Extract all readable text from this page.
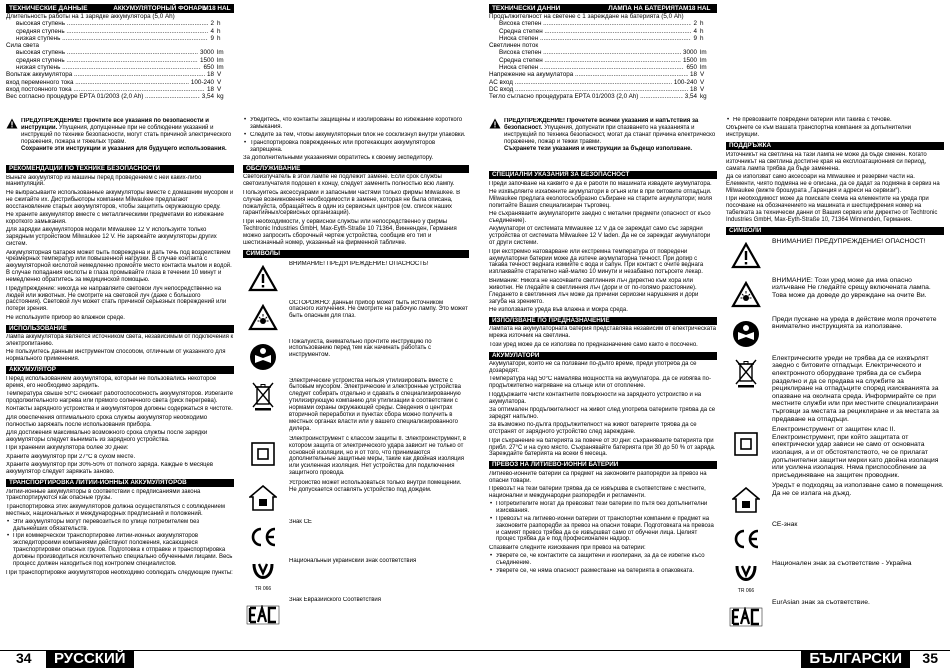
ТЕХНИЧЕСКИЕ ДАННЫЕ	АККУМУЛЯТОРНЫЙ ФОНАРЬ
M18 HAL
Длительность работы на 1 зарядке аккумулятора (5,0 Ah)
высокая ступень .....	2 h
средняя ступень .....	4 h
низкая ступень .....	9 h
Сила света
высокая ступень .....	3000 lm
средняя ступень .....	1500 lm
низкая ступень .....	650 lm
Вольтаж аккумулятора .....	18 V
вход переменного тока .....	100-240 V
вход постоянного тока .....	18 V
Вес согласно процедуре EPTA 01/2003 (2,0 Ah) .....	3,54 kg
ПРЕДУПРЕЖДЕНИЕ! Прочтите все указания по безопасности и инструкции. Упущения, допущенные при не соблюдении указаний и инструкций по технике безопасности, могут стать причиной электрического поражения, пожара и тяжелых травм.
Сохраните эти инструкции и указания для будущего использования.
РЕКОМЕНДАЦИИ ПО ТЕХНИКЕ БЕЗОПАСНОСТИ
Выньте аккумулятор из машины перед проведением с ней каких-либо манипуляций.
Не выбрасывайте использованные аккумуляторы вместе с домашним мусором и не сжигайте их. Дистрибьюторы компании Milwaukee предлагают восстановление старых аккумуляторов, чтобы защитить окружающую среду.
Не храните аккумулятор вместе с металлическими предметами во избежание короткого замыкания.
Для зарядки аккумуляторов модели Milwaukee 12 V используйте только зарядным устройством Milwaukee 12 V. Не заряжайте аккумуляторы других систем.
Аккумуляторная батарея может быть повреждена и дать течь под воздействием чрезмерных температур или повышенной нагрузки. В случае контакта с аккумуляторной кислотой немедленно промойте место контакта мылом и водой. В случае попадания кислоты в глаза промывайте глаза в течении 10 минут и немедленно обратитесь за медицинской помощью.
Предупреждение: никогда не направляйте световой луч непосредственно на людей или животных. Не смотрите на световой луч (даже с большого расстояния). Световой луч может стать причиной серьезных повреждений или потери зрения.
Не используйте прибор во влажной среде.
ИСПОЛЬЗОВАНИЕ
Лампа аккумулятора является источником света, независимым от подключения к электропитанию.
Не пользуйтесь данным инструментом способом, отличным от указанного для нормального применения.
АККУМУЛЯТОР
Перед использованием аккумулятора, который не пользовались некоторое время, его необходимо зарядить.
Температура свыше 50°C снижает работоспособность аккумуляторов. Избегайте продолжительного нагрева или прямого солнечного света (риск перегрева).
Контакты зарядного устройства и аккумуляторов должны содержаться в чистоте.
Для обеспечения оптимального срока службы аккумулятор необходимо полностью заряжать после использования прибора.
Для достижения максимально возможного срока службы после зарядки аккумуляторы следует вынимать из зарядного устройства.
При хранении аккумулятора более 30 дней:
Храните аккумулятор при 27°C в сухом месте.
Храните аккумулятор при 30%-50% от полного заряда. Каждые 6 месяцев аккумулятор следует заряжать заново.
ТРАНСПОРТИРОВКА ЛИТИЙ-ИОННЫХ АККУМУЛЯТОРОВ
Литий-ионные аккумуляторы в соответствии с предписаниями закона транспортируются как опасные грузы.
Транспортировка этих аккумуляторов должна осуществляться с соблюдением местных, национальных и международных предписаний и положений.
• Эти аккумуляторы могут перевозиться по улице потребителем без дальнейших обязательств.
• При коммерческой транспортировке литий-ионных аккумуляторов экспедиторскими компаниями действуют положения, касающиеся транспортировки опасных грузов. Подготовка к отправке и транспортировка должны производиться исключительно специально обученными лицами. Весь процесс должен находиться под контролем специалистов.
При транспортировке аккумуляторов необходимо соблюдать следующие пункты:
• Убедитесь, что контакты защищены и изолированы во избежание короткого замыкания.
• Следите за тем, чтобы аккумуляторный блок не сосклизнул внутри упаковки.
• Транспортировка поврежденных или протекающих аккумуляторов запрещена.
За дополнительными указаниями обратитесь к своему экспедитору.
ОБСЛУЖИВАНИЕ
Светоизлучатель в этой лампе не подлежит замене. Если срок службы светоизлучателя подошел к концу, следует заменить полностью всю лампу.
Пользуйтесь аксессуарами и запасными частями только фирмы Milwaukee. В случае возникновения необходимости в замене, которая не была описана, пожалуйста, обращайтесь в один из сервисных центров (см. список наших гарантийных/сервисных организаций).
При необходимости, у сервисной службы или непосредственно у фирмы Techtronic Industries GmbH, Max-Eyth-Straße 10 71364, Винненден, Германия можно запросить сборочный чертеж устройства, сообщив его тип и шестизначный номер, указанный на фирменной табличке.
СИМВОЛЫ
ВНИМАНИЕ! ПРЕДУПРЕЖДЕНИЕ! ОПАСНОСТЬ!
ОСТОРОЖНО: данный прибор может быть источником опасного излучения. Не смотрите на рабочую лампу. Это может быть опасным для глаз.
Пожалуйста, внимательно прочтите инструкцию по использованию перед тем как начинать работать с инструментом.
Электрические устройства нельзя утилизировать вместе с бытовым мусором. Электрические и электронные устройства следует собирать отдельно и сдавать в специализированную утилизирующую компанию для утилизации в соответствии с нормами охраны окружающей среды. Сведения о центрах вторичной переработки и пунктах сбора можно получить в местных органах власти или у вашего специализированного дилера.
Электроинструмент с классом защиты II. Электроинструмент, в котором защита от электрического удара зависит не только от основной изоляции, но и от того, что принимаются дополнительные защитные меры, такие как двойная изоляция или усиленная изоляция. Нет устройства для подключения защитного провода.
Устройство может использоваться только внутри помещений. Не допускается оставлять устройство под дождем.
Знак CE
TR 066
Национальный украинский знак соответствия
Знак Евразийского Соответствия
34	РУССКИЙ
ТЕХНИЧЕСКИ ДАННИ	ЛАМПА НА БАТЕРИЯТА M18 HAL
Продължителност на светене с 1 зареждане на батерията (5,0 Ah)
Висока степен .....	2 h
Средна степен .....	4 h
Ниска степен .....	9 h
Светлинен поток
Висока степен .....	3000 lm
Средна степен .....	1500 lm
Ниска степен .....	650 lm
Напрежение на акумулатора .....	18 V
AC вход .....	100-240 V
DC вход .....	18 V
Тегло съгласно процедурата EPTA 01/2003 (2,0 Ah) .....	3,54 kg
ПРЕДУПРЕЖДЕНИЕ! Прочетете всички указания и напътствия за безопасност. Упущения, допуснати при спазването на указанията и инструкцiий по техника безопасност, могат да станат причина електрическо поражение, пожар и тежки травми.
Съхранете тези указания и инструкции за бъдещо използване.
СПЕЦИАЛНИ УКАЗАНИЯ ЗА БЕЗОПАСНОСТ
Преди започване на каквито е да е работи по машината извадете акумулатора.
Не изхвърляйте изхабените акумулатори в огъня или в при битовите отпадъци. Milwaukee предлага екологосъобразно събиране на старите акумулатори; моля попитайте Вашия специализиран търговец.
Не съхранявайте акумулаторите заедно с метални предмети (опасност от късо съединение).
Акумулатори от системата Milwaukee 12 V да се зареждат само със зарядни устройства от системата Milwaukee 12 V laden. Да не се зареждат акумулатори от други системи.
При екстремно натоварване или екстремна температура от повредени акумулаторни батерии може да изтече акумулаторна течност. При допир с такава течност веднага измийте с вода и сапун. При контакт с очите веднага изплаквайте старателно най-малко 10 минути и незабавно потърсете лекар.
Внимание: Никога не насочвайте светлинния лъч директно към хора или животни. Не гледайте в светлинния лъч (дори и от по-голямо разстояние). Гледането в светлинния лъч може да причини сериозни нарушения и дори загуба на зрението.
Не използвайте уреда във влажна и мокра среда.
ИЗПОЛЗВАНЕ ПО ПРЕДНАЗНАЧЕНИЕ
Лампата на акумулаторната батерия представлява независим от електрическата мрежа източник на светлина.
Този уред може да се използва по предназначение само както е посочено.
АКУМУЛАТОРИ
Акумулатори, които не са ползвани по-дълго време, преди употреба да се дозаредят.
Температура над 50°C намалява мощността на акумулатора. Да се избягва по-продължително нагряване на слънце или от отопление.
Поддържайте чисти контактните повърхности на зарядното устройство и на акумулатора.
За оптимален продължителност на живот след употреба батериите трябва да се заредят напълно.
За възможно по-дълга продължителност на живот батериите трябва да се отстранят от зарядното устройство след зареждане.
При съхранение на батерията за повече от 30 дни: съхранявайте батерията при прибл. 27°C и на сухо място. Съхранявайте батерията при 30 до 50 % от заряда. Зареждайте батерията на всеки 6 месеца.
ПРЕВОЗ НА ЛИТИЕВО-ЙОННИ БАТЕРИИ
Литиево-йонните батерии са предмет на законовите разпоредби за превоз на опасни товари.
Превозът на тези батерии трябва да се извършва в съответствие с местните, национални и международни разпоредби и регламенти.
• Потребителите могат да превозват тези батерии по пътя без допълнителни изисквания.
• Превозът на литиево-йонни батерии от транспортни компании е предмет на законовите разпоредби за превоз на опасни товари. Подготовката на превоза и самият превоз трябва да се извършват само от обучени лица. Целият процес трябва да е под професионален надзор.
Спазвайте следните изисквания при превоз на батерии:
• Уверете се, че контактите са защитени и изолирани, за да се избегне късо съединение.
• Уверете се, че няма опасност разместване на батерията в опаковката.
• Не превозвайте повредени батерии или такива с течове.
Обърнете се към Вашата транспортна компания за допълнителни инструкции.
ПОДДРЪЖКА
Източникът на светлина на тази лампа не може да бъде сменен. Когато източникът на светлина достигне края на експлоатационния си период, самата лампа трябва да бъде заменена.
Да се използват само аксесоари на Milwaukee и резервни части на. Елементи, чиято подмяна не е описана, да се дадат за подмяна в сервиз на Milwaukee (вижте брошурата „Гаранция и адреси на сервизи“).
При необходимост може да поискате схема на елементите на уреда при посочване на обозначението на машината и шестцифрения номер на табелката за технически данни от Вашия сервиз или директно от Techtronic Industries GmbH, Max-Eyth-Straße 10, 71364 Winnenden, Германия.
СИМВОЛИ
ВНИМАНИЕ! ПРЕДУПРЕЖДЕНИЕ! ОПАСНОСТ!
ВНИМАНИЕ: Този уред може да има опасно излъчване Не гледайте срещу включената лампа. Това може да доведе до увреждане на очите Ви.
Преди пускане на уреда в действие моля прочетете внимателно инструкцията за използване.
Електрическите уреди не трябва да се изхвърлят заедно с битовите отпадъци. Електрическото и електронното оборудване трябва да се събира разделно и да се предава на службите за рециклиране на отпадъците според изискванията за опазване на околната среда. Информирайте се при местните служби или при местните специализирани търговци за местата за рециклиране и за местата за предаване на отпадъци.
Електроинструмент от защитен клас II. Електроинструмент, при който защитата от електрически удар зависи не само от основната изолация, а и от обстоятелството, че се прилагат допълнителни защитни мерки като двойна изолация или усилена изолация. Няма приспособление за присъединяване на защитен проводник.
Уредът е подходящ за използване само в помещения. Да не се излага на дъжд.
CE-знак
TR 066
Национален знак за съответствие - Украйна
EurAsian знак за съответствие.
БЪЛГАРСКИ	35
